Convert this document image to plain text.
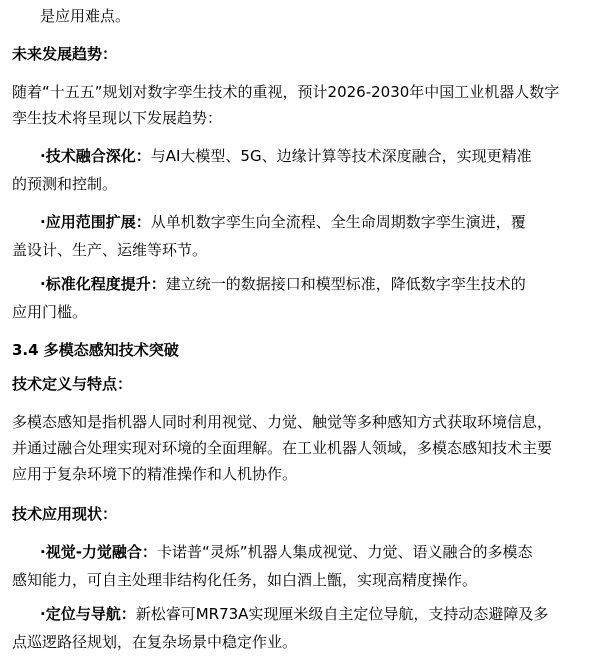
是应用难点。
未来发展趋势：
随着“十五五”规划对数字孪生技术的重视，预计2026-2030年中国工业机器人数字
孪生技术将呈现以下发展趋势：
·技术融合深化：与AI大模型、5G、边缘计算等技术深度融合，实现更精准
的预测和控制。
·应用范围扩展：从单机数字孪生向全流程、全生命周期数字孪生演进，覆
盖设计、生产、运维等环节。
·标准化程度提升：建立统一的数据接口和模型标准，降低数字孪生技术的
应用门槛。
3.4 多模态感知技术突破
技术定义与特点：
多模态感知是指机器人同时利用视觉、力觉、触觉等多种感知方式获取环境信息，
并通过融合处理实现对环境的全面理解。在工业机器人领域，多模态感知技术主要
应用于复杂环境下的精准操作和人机协作。
技术应用现状：
·视觉-力觉融合：卡诺普“灵烁”机器人集成视觉、力觉、语义融合的多模态
感知能力，可自主处理非结构化任务，如白酒上甑，实现高精度操作。
·定位与导航：新松睿可MR73A实现厘米级自主定位导航，支持动态避障及多
点巡逻路径规划，在复杂场景中稳定作业。
